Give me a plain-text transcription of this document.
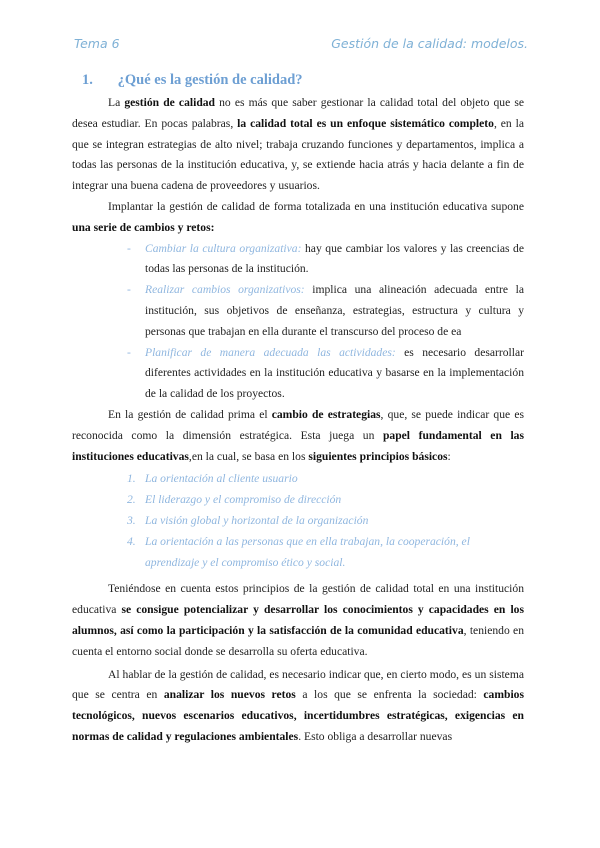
Tema 6	Gestión de la calidad: modelos.
1. ¿Qué es la gestión de calidad?

La gestión de calidad no es más que saber gestionar la calidad total del objeto que se desea estudiar. En pocas palabras, la calidad total es un enfoque sistemático completo, en la que se integran estrategias de alto nivel; trabaja cruzando funciones y departamentos, implica a todas las personas de la institución educativa, y, se extiende hacia atrás y hacia delante a fin de integrar una buena cadena de proveedores y usuarios.

Implantar la gestión de calidad de forma totalizada en una institución educativa supone una serie de cambios y retos:

- Cambiar la cultura organizativa: hay que cambiar los valores y las creencias de todas las personas de la institución.
- Realizar cambios organizativos: implica una alineación adecuada entre la institución, sus objetivos de enseñanza, estrategias, estructura y cultura y personas que trabajan en ella durante el transcurso del proceso de ea
- Planificar de manera adecuada las actividades: es necesario desarrollar diferentes actividades en la institución educativa y basarse en la implementación de la calidad de los proyectos.

En la gestión de calidad prima el cambio de estrategias, que, se puede indicar que es reconocida como la dimensión estratégica. Esta juega un papel fundamental en las instituciones educativas,en la cual, se basa en los siguientes principios básicos:

1. La orientación al cliente usuario
2. El liderazgo y el compromiso de dirección
3. La visión global y horizontal de la organización
4. La orientación a las personas que en ella trabajan, la cooperación, el aprendizaje y el compromiso ético y social.

Teniéndose en cuenta estos principios de la gestión de calidad total en una institución educativa se consigue potencializar y desarrollar los conocimientos y capacidades en los alumnos, así como la participación y la satisfacción de la comunidad educativa, teniendo en cuenta el entorno social donde se desarrolla su oferta educativa.

Al hablar de la gestión de calidad, es necesario indicar que, en cierto modo, es un sistema que se centra en analizar los nuevos retos a los que se enfrenta la sociedad: cambios tecnológicos, nuevos escenarios educativos, incertidumbres estratégicas, exigencias en normas de calidad y regulaciones ambientales. Esto obliga a desarrollar nuevas
